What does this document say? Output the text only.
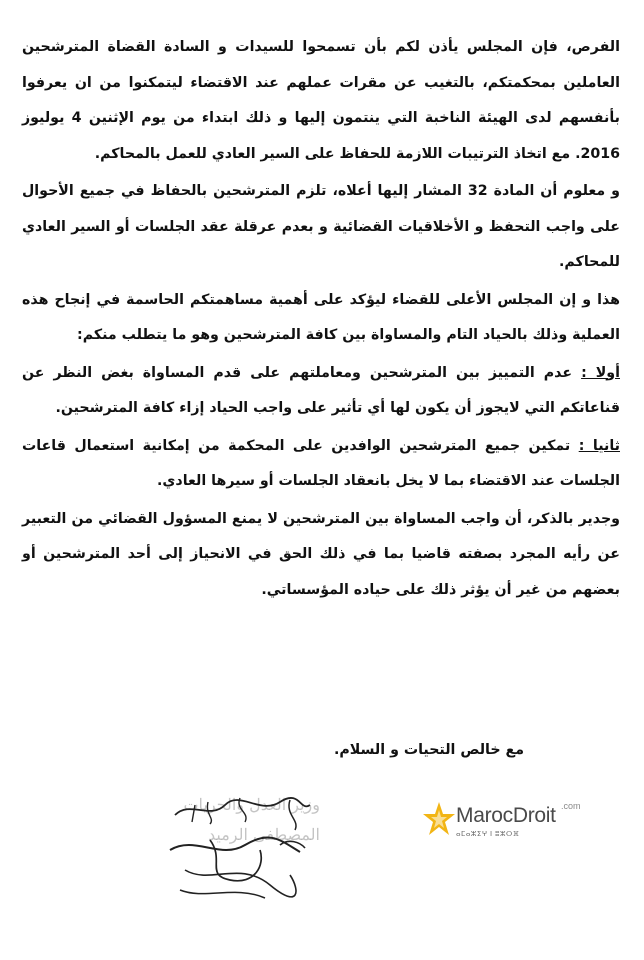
الفرص، فإن المجلس يأذن لكم بأن تسمحوا للسيدات و السادة القضاة المترشحين العاملين بمحكمتكم، بالتغيب عن مقرات عملهم عند الاقتضاء ليتمكنوا من ان يعرفوا بأنفسهم لدى الهيئة الناخبة التي ينتمون إليها و ذلك ابتداء من يوم الإثنين 4 يوليوز 2016. مع اتخاذ الترتيبات اللازمة للحفاظ على السير العادي للعمل بالمحاكم.

و معلوم أن المادة 32 المشار إليها أعلاه، تلزم المترشحين بالحفاظ في جميع الأحوال على واجب التحفظ و الأخلاقيات القضائية و بعدم عرقلة عقد الجلسات أو السير العادي للمحاكم.

هذا و إن المجلس الأعلى للقضاء ليؤكد على أهمية مساهمتكم الحاسمة في إنجاح هذه العملية وذلك بالحياد التام والمساواة بين كافة المترشحين وهو ما يتطلب منكم:

أولا : عدم التمييز بين المترشحين ومعاملتهم على قدم المساواة بغض النظر عن قناعاتكم التي لايجوز أن يكون لها أي تأثير على واجب الحياد إزاء كافة المترشحين.

ثانيا : تمكين جميع المترشحين الوافدين على المحكمة من إمكانية استعمال قاعات الجلسات عند الاقتضاء بما لا يخل بانعقاد الجلسات أو سيرها العادي.

وجدير بالذكر، أن واجب المساواة بين المترشحين لا يمنع المسؤول القضائي من التعبير عن رأيه المجرد بصفته قاضيا بما في ذلك الحق في الانحياز إلى أحد المترشحين أو بعضهم من غير أن يؤثر ذلك على حياده المؤسساتي.

مع خالص التحيات و السلام.
وزير العدل والحريات
المصطفى الرميد
MarocDroit .com
ⴰⵎⴰⵣⵉⵖ ⵏ ⵓⵣⵔⴼ
